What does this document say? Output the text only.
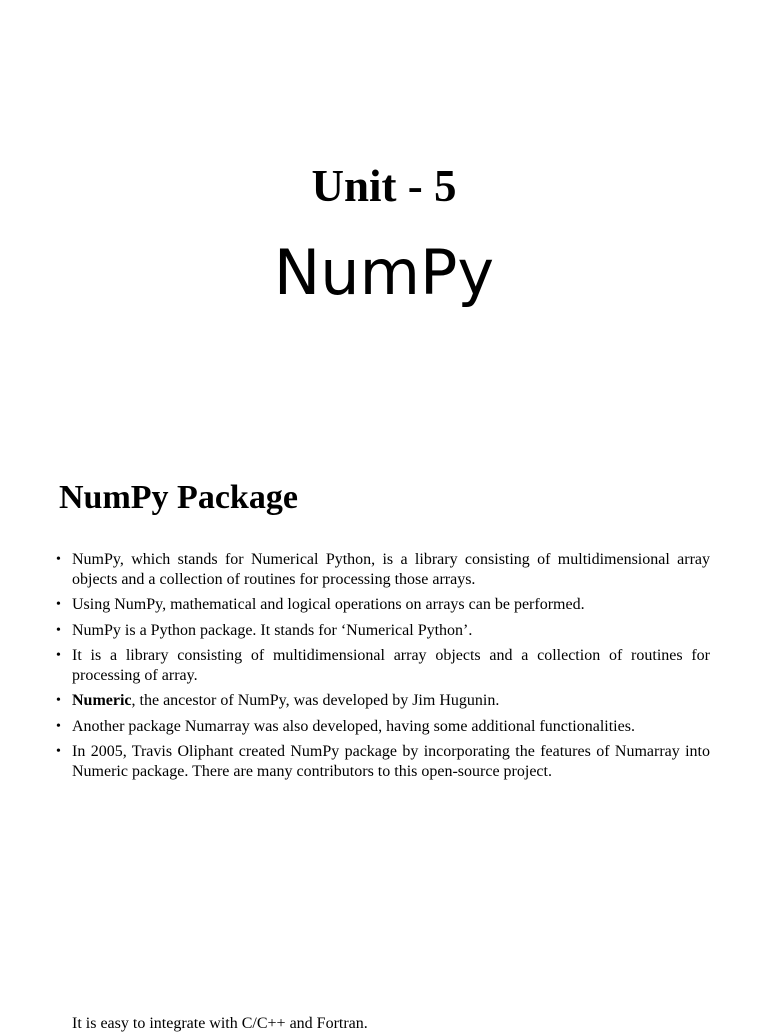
Unit - 5
NumPy
NumPy Package
• NumPy, which stands for Numerical Python, is a library consisting of multidimensional array objects and a collection of routines for processing those arrays.
• Using NumPy, mathematical and logical operations on arrays can be performed.
• NumPy is a Python package. It stands for ‘Numerical Python’.
• It is a library consisting of multidimensional array objects and a collection of routines for processing of array.
• Numeric, the ancestor of NumPy, was developed by Jim Hugunin.
• Another package Numarray was also developed, having some additional functionalities.
• In 2005, Travis Oliphant created NumPy package by incorporating the features of Numarray into Numeric package. There are many contributors to this open-source project.
It is easy to integrate with C/C++ and Fortran.
